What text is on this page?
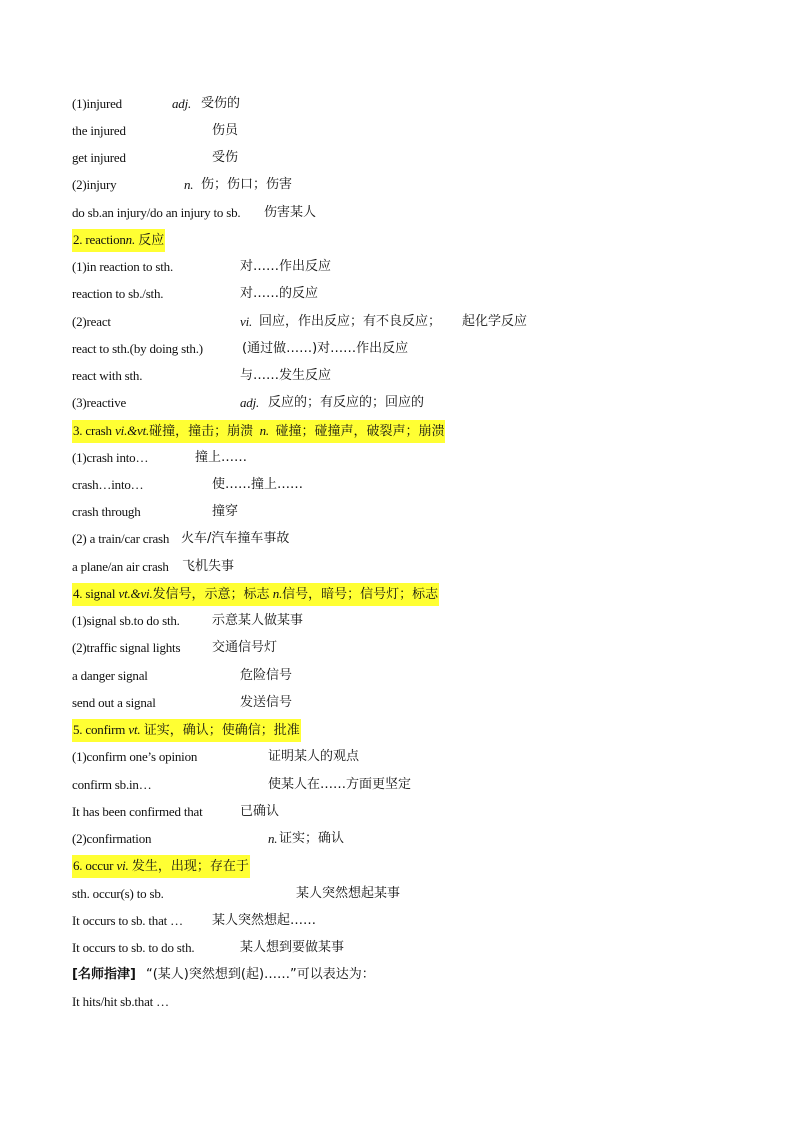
(1)injured	adj. 受伤的
the injured	伤员
get injured	受伤
(2)injury	n. 伤；伤口；伤害
do sb.an injury/do an injury to sb. 伤害某人
2. reactionn. 反应
(1)in reaction to sth.	对……作出反应
reaction to sb./sth.	对……的反应
(2)react	vi. 回应，作出反应；有不良反应； 起化学反应
react to sth.(by doing sth.)	(通过做……)对……作出反应
react with sth.	与……发生反应
(3)reactive	adj. 反应的；有反应的；回应的
3. crash vi.&vt.碰撞，撞击；崩溃 n. 碰撞；碰撞声，破裂声；崩溃
(1)crash into…	撞上……
crash…into…	使……撞上……
crash through	撞穿
(2) a train/car crash 火车/汽车撞车事故
a plane/an air crash 飞机失事
4. signal vt.&vi.发信号，示意；标志 n.信号，暗号；信号灯；标志
(1)signal sb.to do sth. 示意某人做某事
(2)traffic signal lights 交通信号灯
a danger signal	危险信号
send out a signal	发送信号
5. confirm vt. 证实，确认；使确信；批准
(1)confirm one’s opinion	证明某人的观点
confirm sb.in…	使某人在……方面更坚定
It has been confirmed that	已确认
(2)confirmation	n. 证实；确认
6. occur vi. 发生，出现；存在于
sth. occur(s) to sb.	某人突然想起某事
It occurs to sb. that … 某人突然想起……
It occurs to sb. to do sth.	某人想到要做某事
[名师指津] “(某人)突然想到(起)……”可以表达为：
It hits/hit sb.that …
